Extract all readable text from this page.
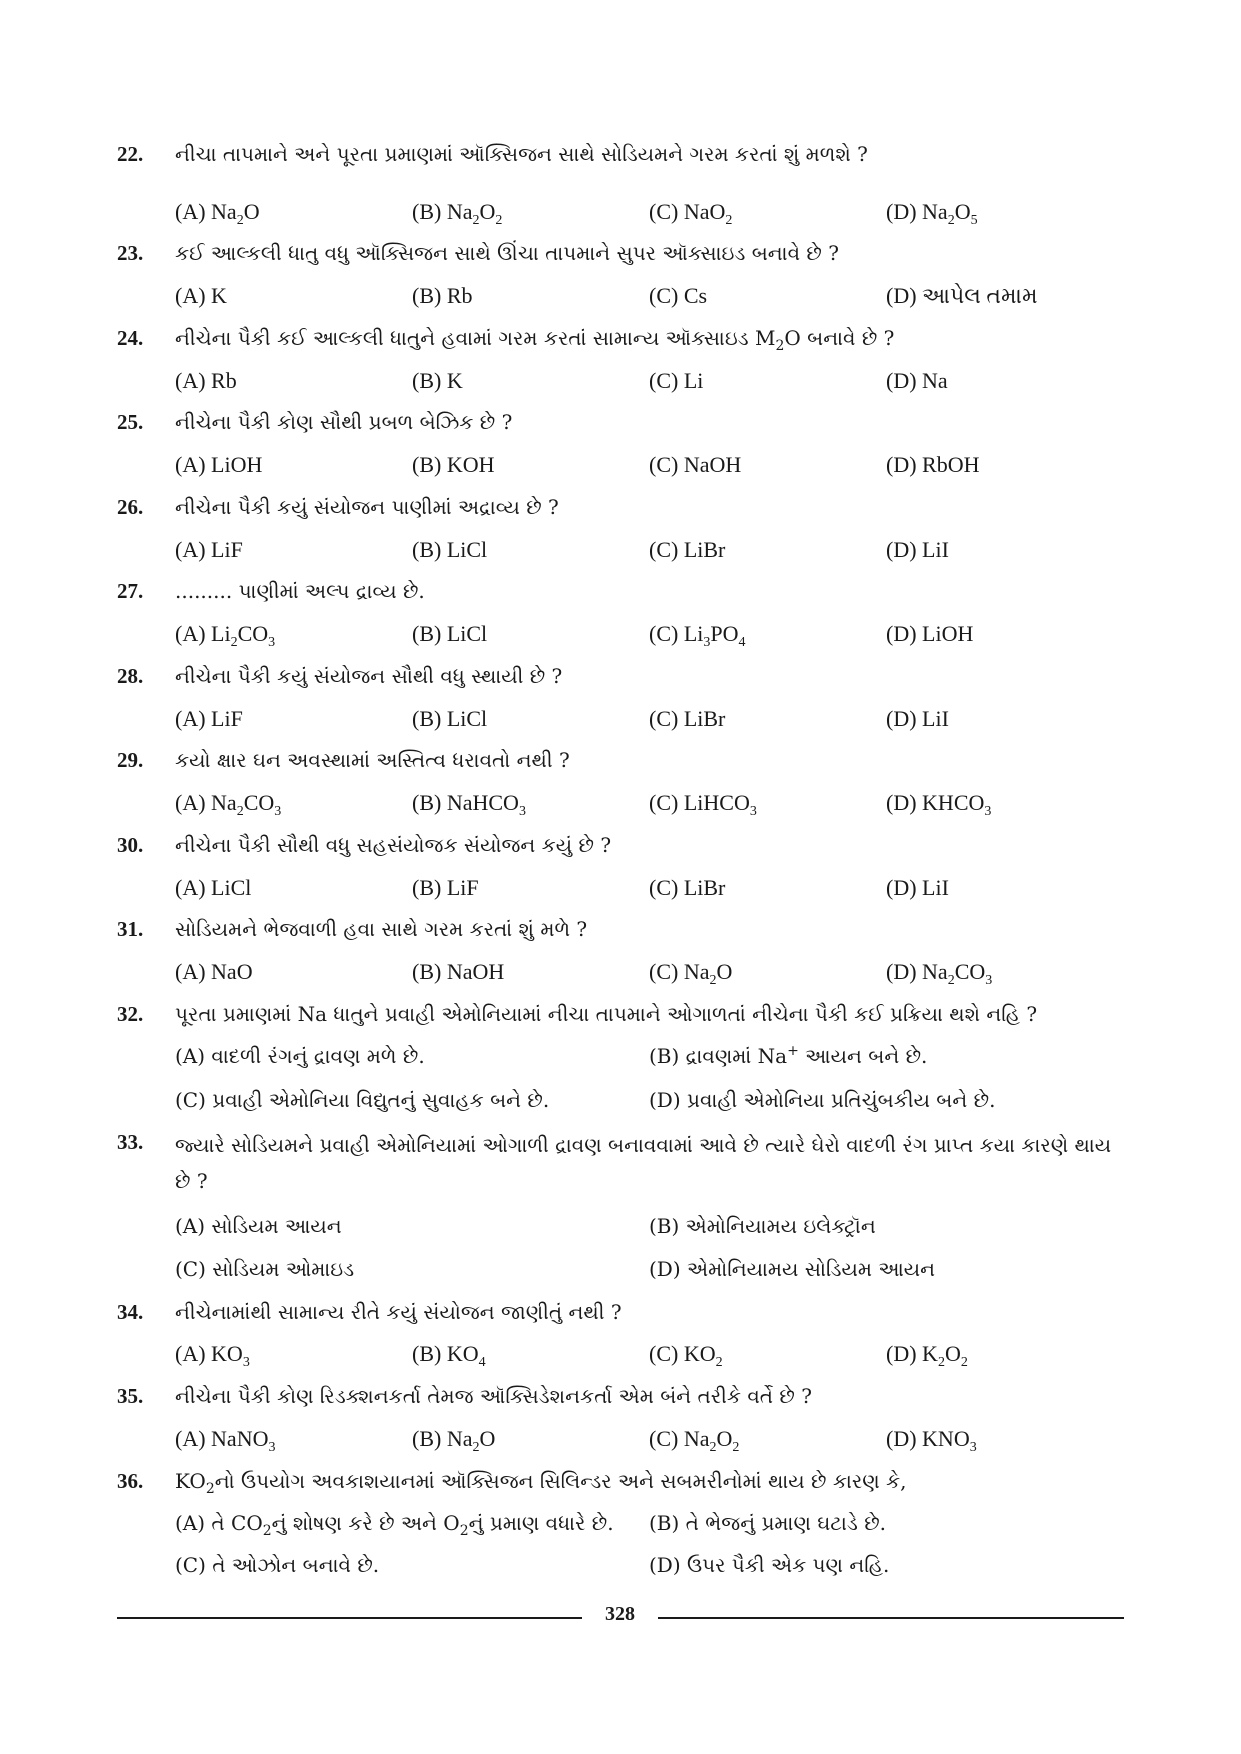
22.	નીચા તાપમાને અને પૂરતા પ્રમાણમાં ઑક્સિજન સાથે સોડિયમને ગરમ કરતાં શું મળશે ?
(A) $Na_2O$	(B) $Na_2O_2$	(C) NaO$_2$	(D) $Na_2O_5$
23.	કઈ આલ્કલી ધાતુ વધુ ઑક્સિજન સાથે ઊંચા તાપમાને સુપર ઑક્સાઇડ બનાવે છે ?
(A) K	(B) Rb	(C) Cs	(D) આપેલ તમામ
24.	નીચેના પૈકી કઈ આલ્કલી ધાતુને હવામાં ગરમ કરતાં સામાન્ય ઑક્સાઇડ $M_2O$ બનાવે છે ?
(A) Rb	(B) K	(C) Li	(D) Na
25.	નીચેના પૈકી કોણ સૌથી પ્રબળ બેઝિક છે ?
(A) LiOH	(B) KOH	(C) NaOH	(D) RbOH
26.	નીચેના પૈકી કયું સંયોજન પાણીમાં અદ્રાવ્ય છે ?
(A) LiF	(B) LiCl	(C) LiBr	(D) LiI
27.	......... પાણીમાં અલ્પ દ્રાવ્ય છે.
(A) $Li_2CO_3$	(B) LiCl	(C) $Li_3PO_4$	(D) LiOH
28.	નીચેના પૈકી કયું સંયોજન સૌથી વધુ સ્થાયી છે ?
(A) LiF	(B) LiCl	(C) LiBr	(D) LiI
29.	કયો ક્ષાર ઘન અવસ્થામાં અસ્તિત્વ ધરાવતો નથી ?
(A) $Na_2CO_3$	(B) NaHCO$_3$	(C) LiHCO$_3$	(D) $KHCO_3$
30.	નીચેના પૈકી સૌથી વધુ સહસંયોજક સંયોજન કયું છે ?
(A) LiCl	(B) LiF	(C) LiBr	(D) LiI
31.	સોડિયમને ભેજવાળી હવા સાથે ગરમ કરતાં શું મળે ?
(A) NaO	(B) NaOH	(C) $Na_2O$	(D) $Na_2CO_3$
32.	પૂરતા પ્રમાણમાં Na ધાતુને પ્રવાહી એમોનિયામાં નીચા તાપમાને ઓગાળતાં નીચેના પૈકી કઈ પ્રક્રિયા થશે નહિ ?
(A) વાદળી રંગનું દ્રાવણ મળે છે.	(B) દ્રાવણમાં Na+ આયન બને છે.
(C) પ્રવાહી એમોનિયા વિદ્યુતનું સુવાહક બને છે.	(D) પ્રવાહી એમોનિયા પ્રતિચુંબકીય બને છે.
33.	જ્યારે સોડિયમને પ્રવાહી એમોનિયામાં ઓગાળી દ્રાવણ બનાવવામાં આવે છે ત્યારે ઘેરો વાદળી રંગ પ્રાપ્ત કયા કારણે થાય છે ?
(A) સોડિયમ આયન	(B) એમોનિયામય ઇલેક્ટ્રૉન
(C) સોડિયમ ઓમાઇડ	(D) એમોનિયામય સોડિયમ આયન
34.	નીચેનામાંથી સામાન્ય રીતે કયું સંયોજન જાણીતું નથી ?
(A) $KO_3$	(B) $KO_4$	(C) $KO_2$	(D) $K_2O_2$
35.	નીચેના પૈકી કોણ રિડક્શનકર્તા તેમજ ઑક્સિડેશનકર્તા એમ બંને તરીકે વર્તે છે ?
(A) NaNO$_3$	(B) $Na_2O$	(C) $Na_2O_2$	(D) $KNO_3$
36.	$KO_2નો$ ઉપયોગ અવકાશયાનમાં ઑક્સિજન સિલિન્ડર અને સબમરીનોમાં થાય છે કારણ કે,
(A) તે $CO_2નું$ શોષણ કરે છે અને $O_2નું$ પ્રમાણ વધારે છે. (B) તે ભેજનું પ્રમાણ ઘટાડે છે.
(C) તે ઓઝોન બનાવે છે.	(D) ઉપર પૈકી એક પણ નહિ.
328
